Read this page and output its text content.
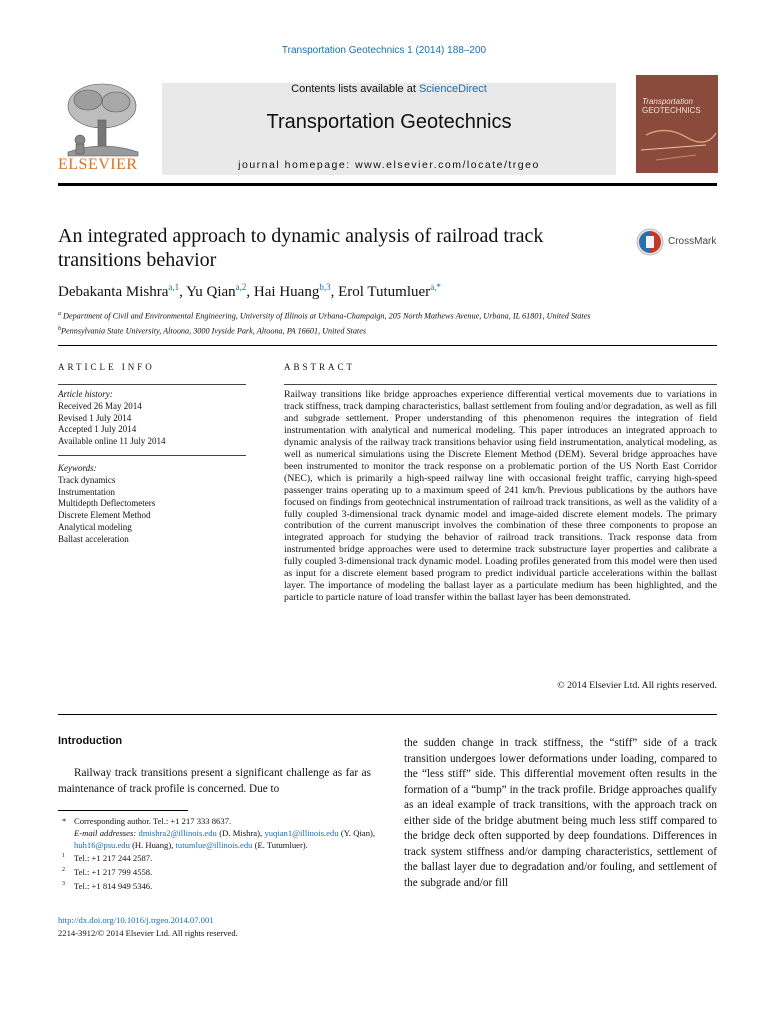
Transportation Geotechnics 1 (2014) 188–200
ELSEVIER
Contents lists available at ScienceDirect
Transportation Geotechnics
journal homepage: www.elsevier.com/locate/trgeo
Transportation
GEOTECHNICS
An integrated approach to dynamic analysis of railroad track
transitions behavior
CrossMark
Debakanta Mishra$^{a,1}$, Yu Qian$^{a,2}$, Hai Huang$^{b,3}$, Erol Tutumluer$^{a,*}$
$^a$ Department of Civil and Environmental Engineering, University of Illinois at Urbana-Champaign, 205 North Mathews Avenue, Urbana, IL 61801, United States
$^b$Pennsylvania State University, Altoona, 3000 Ivyside Park, Altoona, PA 16601, United States
ARTICLE INFO	ABSTRACT
Article history:
Received 26 May 2014
Revised 1 July 2014
Accepted 1 July 2014
Available online 11 July 2014
Keywords:
Track dynamics
Instrumentation
Multidepth Deflectometers
Discrete Element Method
Analytical modeling
Ballast acceleration
Railway transitions like bridge approaches experience differential vertical movements due to variations in track stiffness, track damping characteristics, ballast settlement from fouling and/or degradation, as well as fill and subgrade settlement. Proper understanding of this phenomenon requires the integration of field instrumentation with analytical and numerical modeling. This paper introduces an integrated approach to dynamic analysis of the railway track transitions behavior using field instrumentation, analytical modeling, as well as numerical simulations using the Discrete Element Method (DEM). Several bridge approaches have been instrumented to monitor the track response on a problematic portion of the US North East Corridor (NEC), which is primarily a high-speed railway line with occasional freight traffic, carrying high-speed passenger trains operating up to a maximum speed of 241 km/h. Previous publications by the authors have focused on findings from geotechnical instrumentation of railroad track transitions, as well as the validity of a fully coupled 3-dimensional track dynamic model and image-aided discrete element models. The primary contribution of the current manuscript involves the combination of these three components to propose an integrated approach for studying the behavior of railroad track transitions. Track response data from instrumented bridge approaches were used to determine track substructure layer properties and calibrate a fully coupled 3-dimensional track dynamic model. Loading profiles generated from this model were then used as input for a discrete element based program to predict individual particle accelerations within the ballast layer. The importance of modeling the ballast layer as a particulate medium has been highlighted, and the particle to particle nature of load transfer within the ballast layer has been demonstrated.
© 2014 Elsevier Ltd. All rights reserved.
Introduction
Railway track transitions present a significant challenge as far as maintenance of track profile is concerned. Due to
the sudden change in track stiffness, the “stiff” side of a track transition undergoes lower deformations under loading, compared to the “less stiff” side. This differential movement often results in the formation of a “bump” in the track profile. Bridge approaches qualify as an ideal example of track transitions, with the approach track on either side of the bridge abutment being much less stiff compared to the bridge deck often supported by deep foundations. Differences in track system stiffness and/or damping characteristics, settlement of the ballast layer due to degradation and/or fouling, and settlement of the subgrade and/or fill
* Corresponding author. Tel.: +1 217 333 8637.
E-mail addresses: dmishra2@illinois.edu (D. Mishra), yuqian1@illinois.edu (Y. Qian), huh16@psu.edu (H. Huang), tutumlue@illinois.edu (E. Tutumluer).
1 Tel.: +1 217 244 2587.
2 Tel.: +1 217 799 4558.
3 Tel.: +1 814 949 5346.
http://dx.doi.org/10.1016/j.trgeo.2014.07.001
2214-3912/© 2014 Elsevier Ltd. All rights reserved.
